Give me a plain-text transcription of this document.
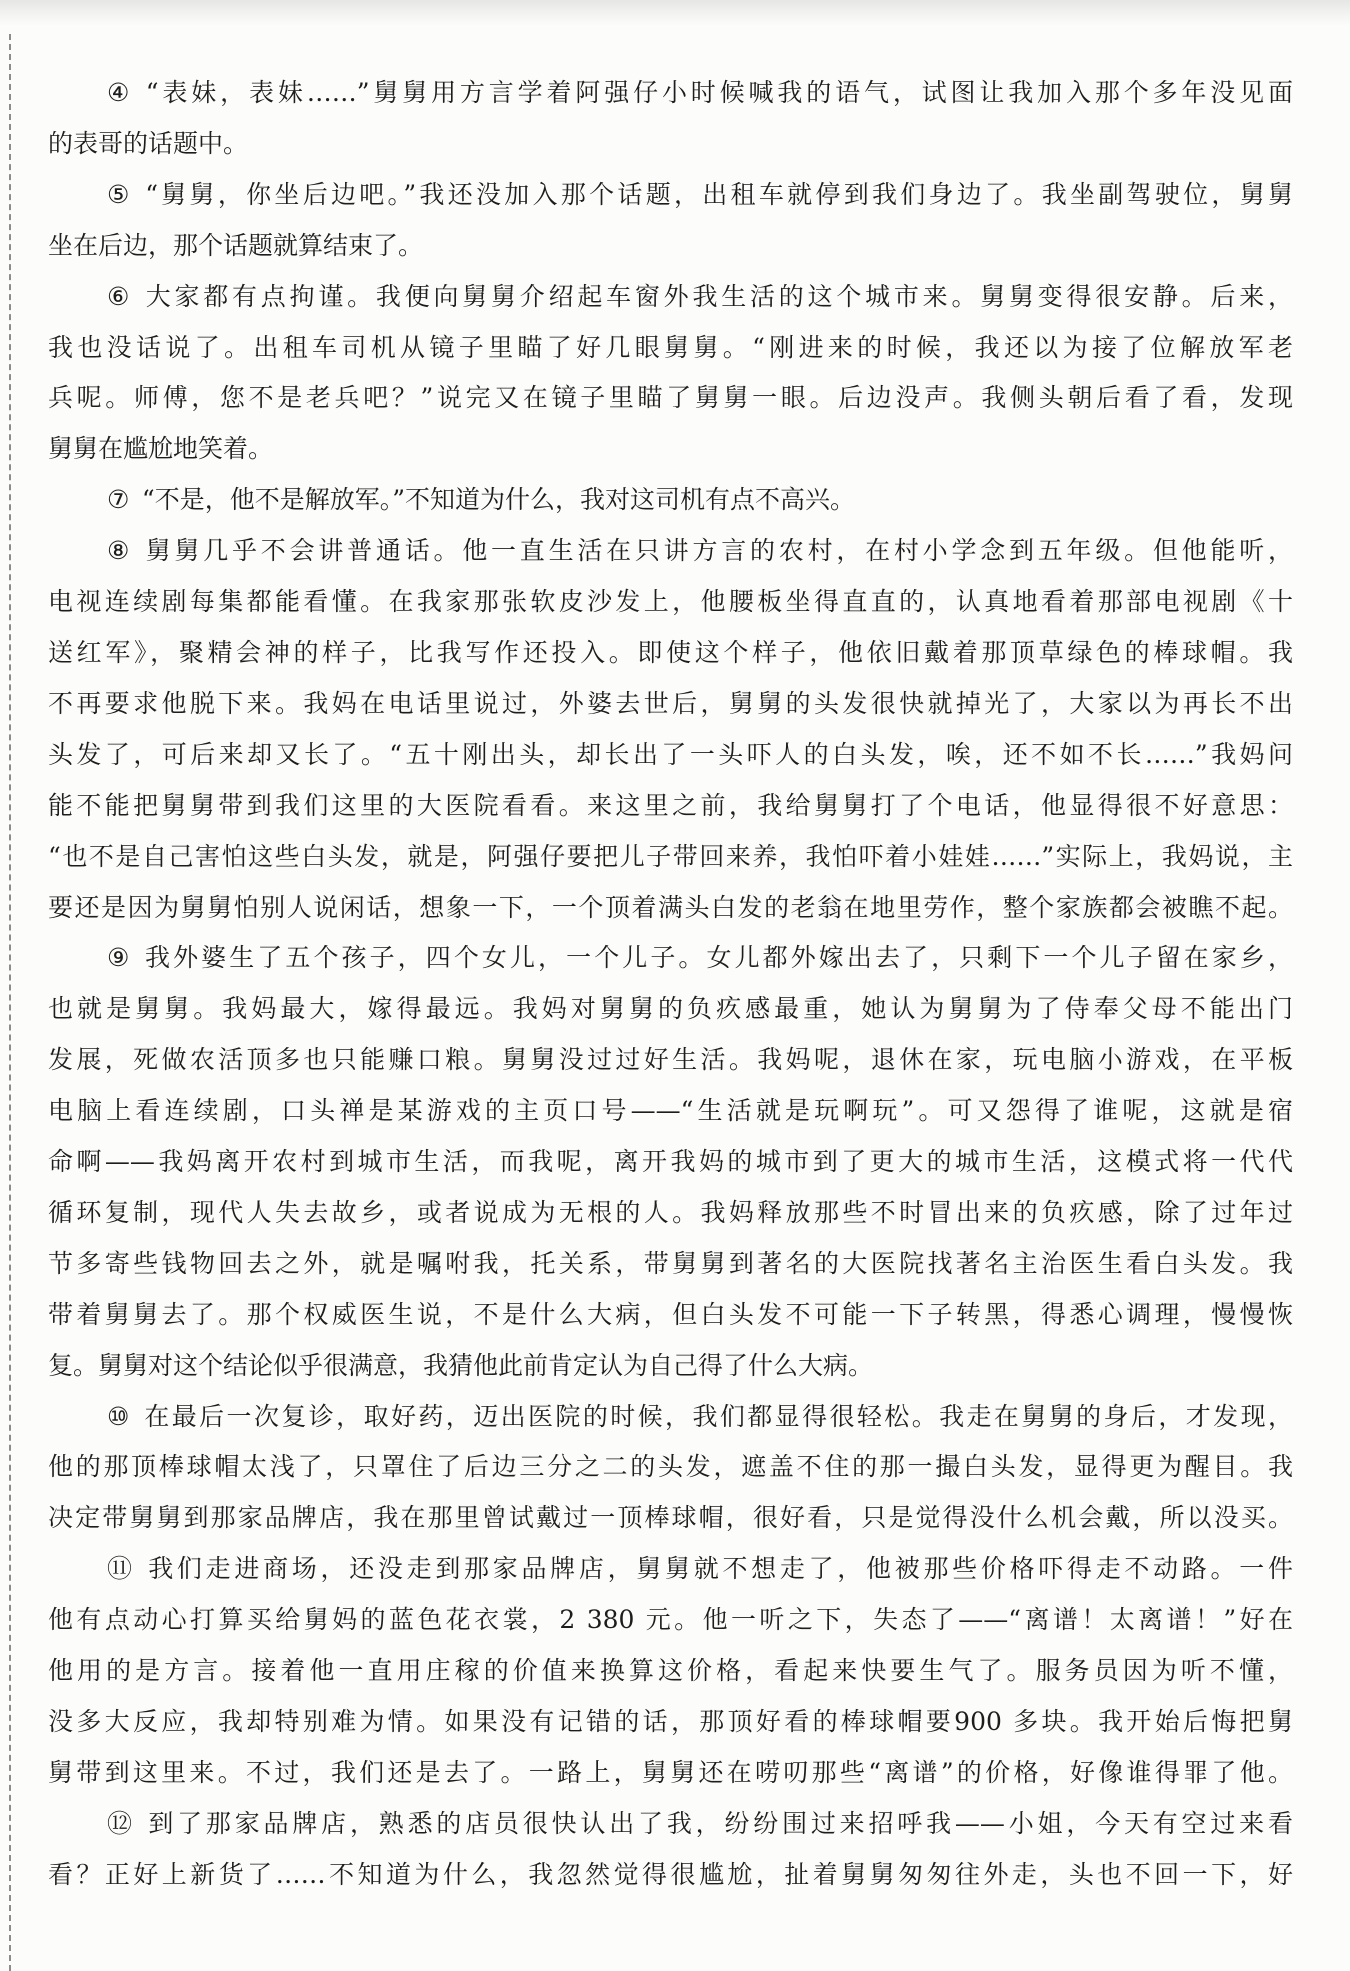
④ “表妹，表妹……”舅舅用方言学着阿强仔小时候喊我的语气，试图让我加入那个多年没见面
的表哥的话题中。
⑤ “舅舅，你坐后边吧。”我还没加入那个话题，出租车就停到我们身边了。我坐副驾驶位，舅舅
坐在后边，那个话题就算结束了。
⑥ 大家都有点拘谨。我便向舅舅介绍起车窗外我生活的这个城市来。舅舅变得很安静。后来，
我也没话说了。出租车司机从镜子里瞄了好几眼舅舅。“刚进来的时候，我还以为接了位解放军老
兵呢。师傅，您不是老兵吧？”说完又在镜子里瞄了舅舅一眼。后边没声。我侧头朝后看了看，发现
舅舅在尴尬地笑着。
⑦ “不是，他不是解放军。”不知道为什么，我对这司机有点不高兴。
⑧ 舅舅几乎不会讲普通话。他一直生活在只讲方言的农村，在村小学念到五年级。但他能听，
电视连续剧每集都能看懂。在我家那张软皮沙发上，他腰板坐得直直的，认真地看着那部电视剧《十
送红军》，聚精会神的样子，比我写作还投入。即使这个样子，他依旧戴着那顶草绿色的棒球帽。我
不再要求他脱下来。我妈在电话里说过，外婆去世后，舅舅的头发很快就掉光了，大家以为再长不出
头发了，可后来却又长了。“五十刚出头，却长出了一头吓人的白头发，唉，还不如不长……”我妈问
能不能把舅舅带到我们这里的大医院看看。来这里之前，我给舅舅打了个电话，他显得很不好意思：
“也不是自己害怕这些白头发，就是，阿强仔要把儿子带回来养，我怕吓着小娃娃……”实际上，我妈说，主
要还是因为舅舅怕别人说闲话，想象一下，一个顶着满头白发的老翁在地里劳作，整个家族都会被瞧不起。
⑨ 我外婆生了五个孩子，四个女儿，一个儿子。女儿都外嫁出去了，只剩下一个儿子留在家乡，
也就是舅舅。我妈最大，嫁得最远。我妈对舅舅的负疚感最重，她认为舅舅为了侍奉父母不能出门
发展，死做农活顶多也只能赚口粮。舅舅没过过好生活。我妈呢，退休在家，玩电脑小游戏，在平板
电脑上看连续剧，口头禅是某游戏的主页口号——“生活就是玩啊玩”。可又怨得了谁呢，这就是宿
命啊——我妈离开农村到城市生活，而我呢，离开我妈的城市到了更大的城市生活，这模式将一代代
循环复制，现代人失去故乡，或者说成为无根的人。我妈释放那些不时冒出来的负疚感，除了过年过
节多寄些钱物回去之外，就是嘱咐我，托关系，带舅舅到著名的大医院找著名主治医生看白头发。我
带着舅舅去了。那个权威医生说，不是什么大病，但白头发不可能一下子转黑，得悉心调理，慢慢恢
复。舅舅对这个结论似乎很满意，我猜他此前肯定认为自己得了什么大病。
⑩ 在最后一次复诊，取好药，迈出医院的时候，我们都显得很轻松。我走在舅舅的身后，才发现，
他的那顶棒球帽太浅了，只罩住了后边三分之二的头发，遮盖不住的那一撮白头发，显得更为醒目。我
决定带舅舅到那家品牌店，我在那里曾试戴过一顶棒球帽，很好看，只是觉得没什么机会戴，所以没买。
⑪ 我们走进商场，还没走到那家品牌店，舅舅就不想走了，他被那些价格吓得走不动路。一件
他有点动心打算买给舅妈的蓝色花衣裳，2 380 元。他一听之下，失态了——“离谱！太离谱！”好在
他用的是方言。接着他一直用庄稼的价值来换算这价格，看起来快要生气了。服务员因为听不懂，
没多大反应，我却特别难为情。如果没有记错的话，那顶好看的棒球帽要900 多块。我开始后悔把舅
舅带到这里来。不过，我们还是去了。一路上，舅舅还在唠叨那些“离谱”的价格，好像谁得罪了他。
⑫ 到了那家品牌店，熟悉的店员很快认出了我，纷纷围过来招呼我——小姐，今天有空过来看
看？正好上新货了……不知道为什么，我忽然觉得很尴尬，扯着舅舅匆匆往外走，头也不回一下，好
